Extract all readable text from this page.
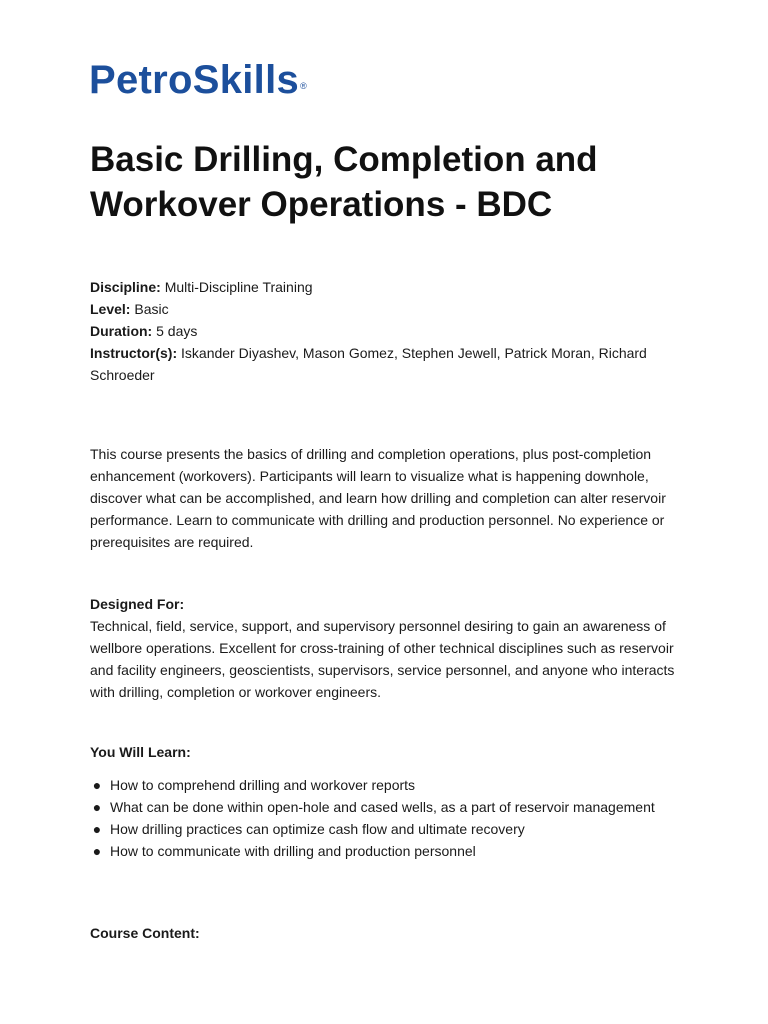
PetroSkills®
Basic Drilling, Completion and Workover Operations - BDC

Discipline: Multi-Discipline Training

Level: Basic

Duration: 5 days

Instructor(s): Iskander Diyashev, Mason Gomez, Stephen Jewell, Patrick Moran, Richard Schroeder

This course presents the basics of drilling and completion operations, plus post-completion enhancement (workovers). Participants will learn to visualize what is happening downhole, discover what can be accomplished, and learn how drilling and completion can alter reservoir performance. Learn to communicate with drilling and production personnel. No experience or prerequisites are required.

Designed For:

Technical, field, service, support, and supervisory personnel desiring to gain an awareness of wellbore operations. Excellent for cross-training of other technical disciplines such as reservoir and facility engineers, geoscientists, supervisors, service personnel, and anyone who interacts with drilling, completion or workover engineers.

You Will Learn:

● How to comprehend drilling and workover reports
● What can be done within open-hole and cased wells, as a part of reservoir management
● How drilling practices can optimize cash flow and ultimate recovery
● How to communicate with drilling and production personnel

Course Content:
